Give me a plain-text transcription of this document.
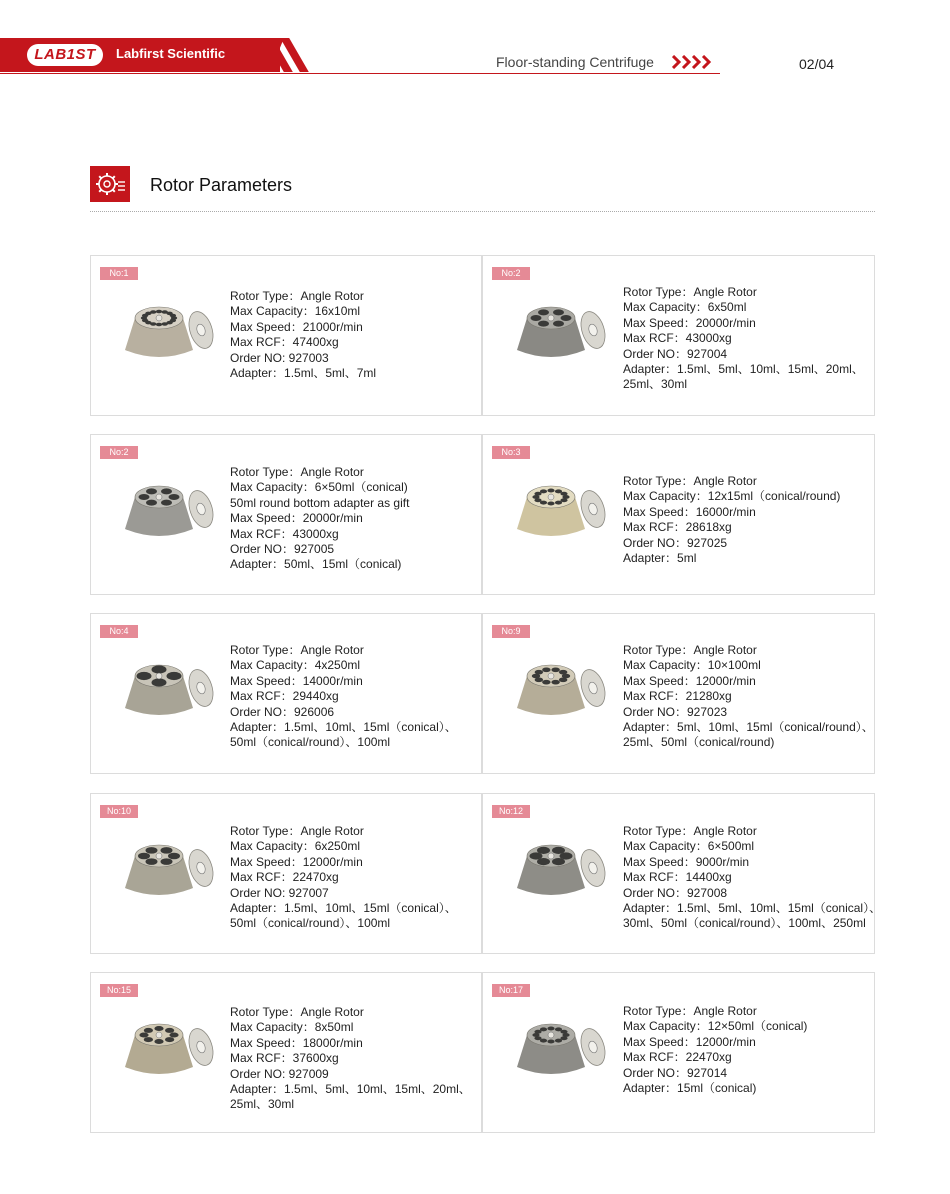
LAB1ST	Labfirst Scientific
Floor-standing Centrifuge	02/04
Rotor Parameters
No:1
Rotor Type：Angle Rotor
Max Capacity：16x10ml
Max Speed：21000r/min
Max RCF：47400xg
Order NO: 927003
Adapter：1.5ml、5ml、7ml
No:2
Rotor Type：Angle Rotor
Max Capacity：6x50ml
Max Speed：20000r/min
Max RCF：43000xg
Order NO：927004
Adapter：1.5ml、5ml、10ml、15ml、20ml、
25ml、30ml
No:2
Rotor Type：Angle Rotor
Max Capacity：6×50ml（conical)
50ml round bottom adapter as gift
Max Speed：20000r/min
Max RCF：43000xg
Order NO：927005
Adapter：50ml、15ml（conical)
No:3
Rotor Type：Angle Rotor
Max Capacity：12x15ml（conical/round)
Max Speed：16000r/min
Max RCF：28618xg
Order NO：927025
Adapter：5ml
No:4
Rotor Type：Angle Rotor
Max Capacity：4x250ml
Max Speed：14000r/min
Max RCF：29440xg
Order NO：926006
Adapter：1.5ml、10ml、15ml（conical）、
50ml（conical/round）、100ml
No:9
Rotor Type：Angle Rotor
Max Capacity：10×100ml
Max Speed：12000r/min
Max RCF：21280xg
Order NO：927023
Adapter：5ml、10ml、15ml（conical/round）、
25ml、50ml（conical/round)
No:10
Rotor Type：Angle Rotor
Max Capacity：6x250ml
Max Speed：12000r/min
Max RCF：22470xg
Order NO: 927007
Adapter：1.5ml、10ml、15ml（conical）、
50ml（conical/round）、100ml
No:12
Rotor Type：Angle Rotor
Max Capacity：6×500ml
Max Speed：9000r/min
Max RCF：14400xg
Order NO：927008
Adapter：1.5ml、5ml、10ml、15ml（conical）、
30ml、50ml（conical/round）、100ml、250ml
No:15
Rotor Type：Angle Rotor
Max Capacity：8x50ml
Max Speed：18000r/min
Max RCF：37600xg
Order NO: 927009
Adapter：1.5ml、5ml、10ml、15ml、20ml、
25ml、30ml
No:17
Rotor Type：Angle Rotor
Max Capacity：12×50ml（conical)
Max Speed：12000r/min
Max RCF：22470xg
Order NO：927014
Adapter：15ml（conical)
